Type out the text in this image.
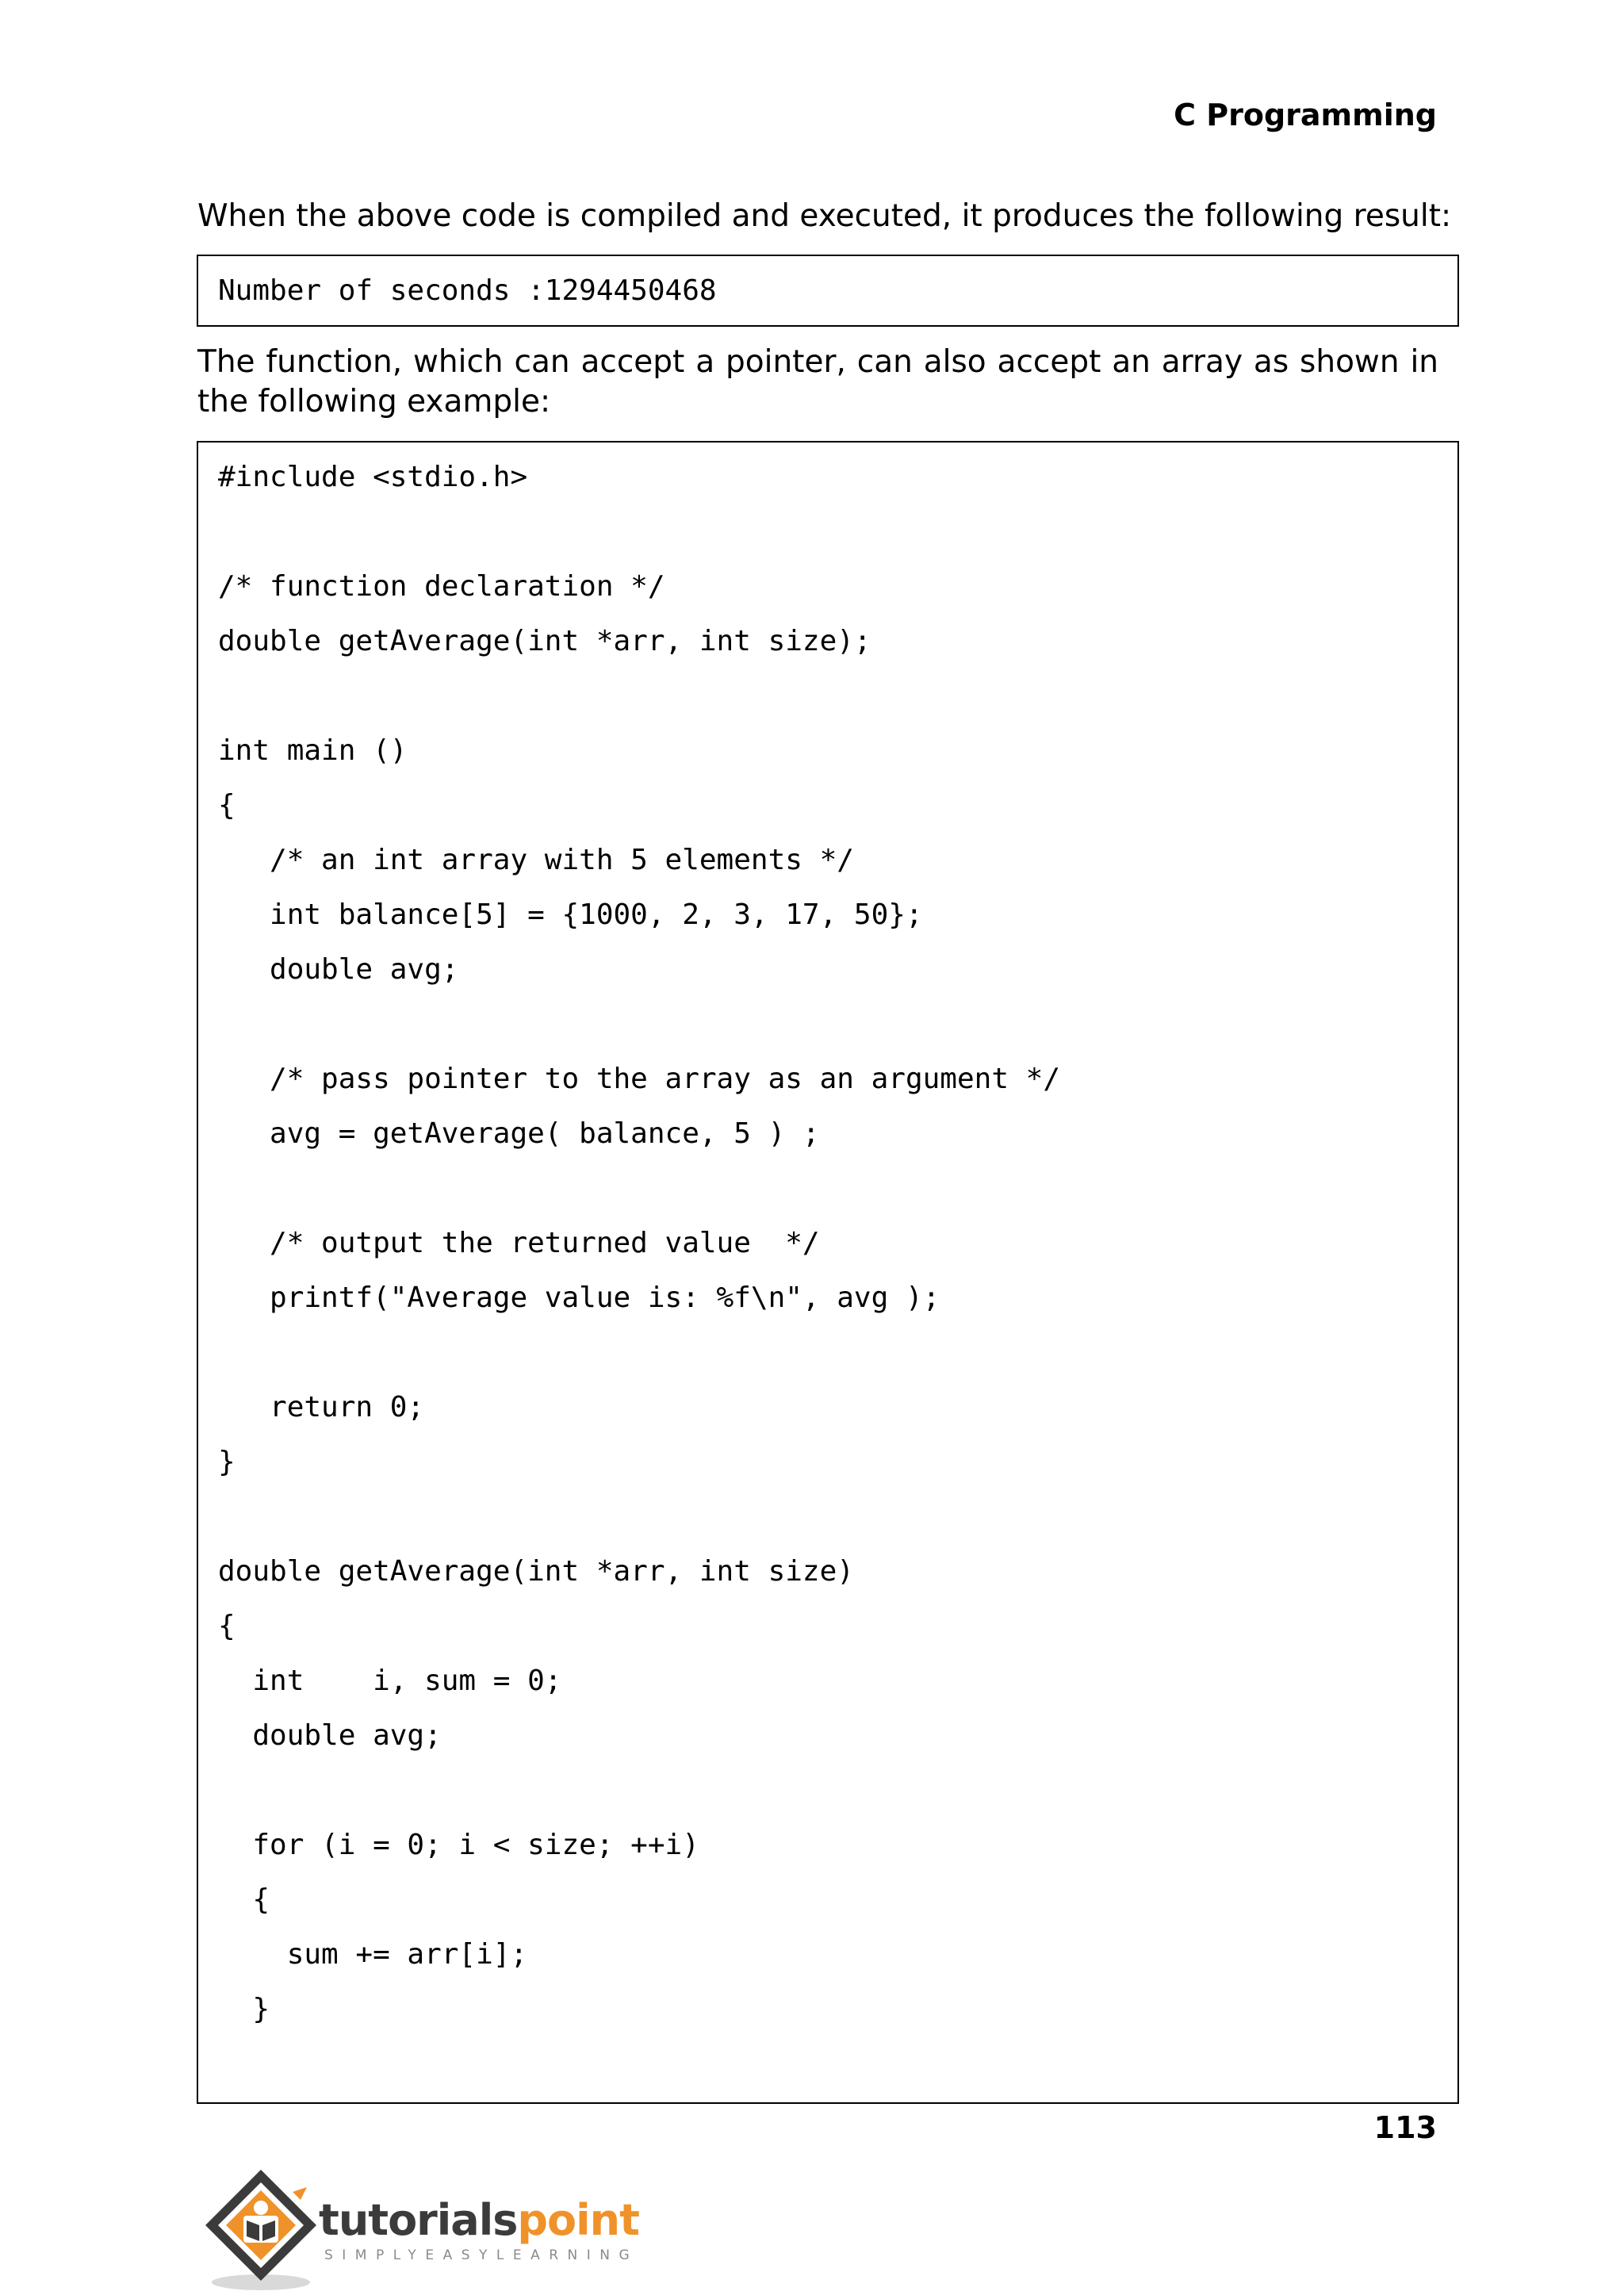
C Programming

When the above code is compiled and executed, it produces the following result:

Number of seconds :1294450468

The function, which can accept a pointer, can also accept an array as shown in the following example:

#include <stdio.h>
/* function declaration */
double getAverage(int *arr, int size);
int main ()
{
/* an int array with 5 elements */
int balance[5] = {1000, 2, 3, 17, 50};
double avg;
/* pass pointer to the array as an argument */
avg = getAverage( balance, 5 ) ;
/* output the returned value  */
printf("Average value is: %f\n", avg );
return 0;
}
double getAverage(int *arr, int size)
{
int    i, sum = 0;
double avg;
for (i = 0; i < size; ++i)
{
sum += arr[i];
}
113
tutorialspoint
SIMPLYEASYLEARNING
